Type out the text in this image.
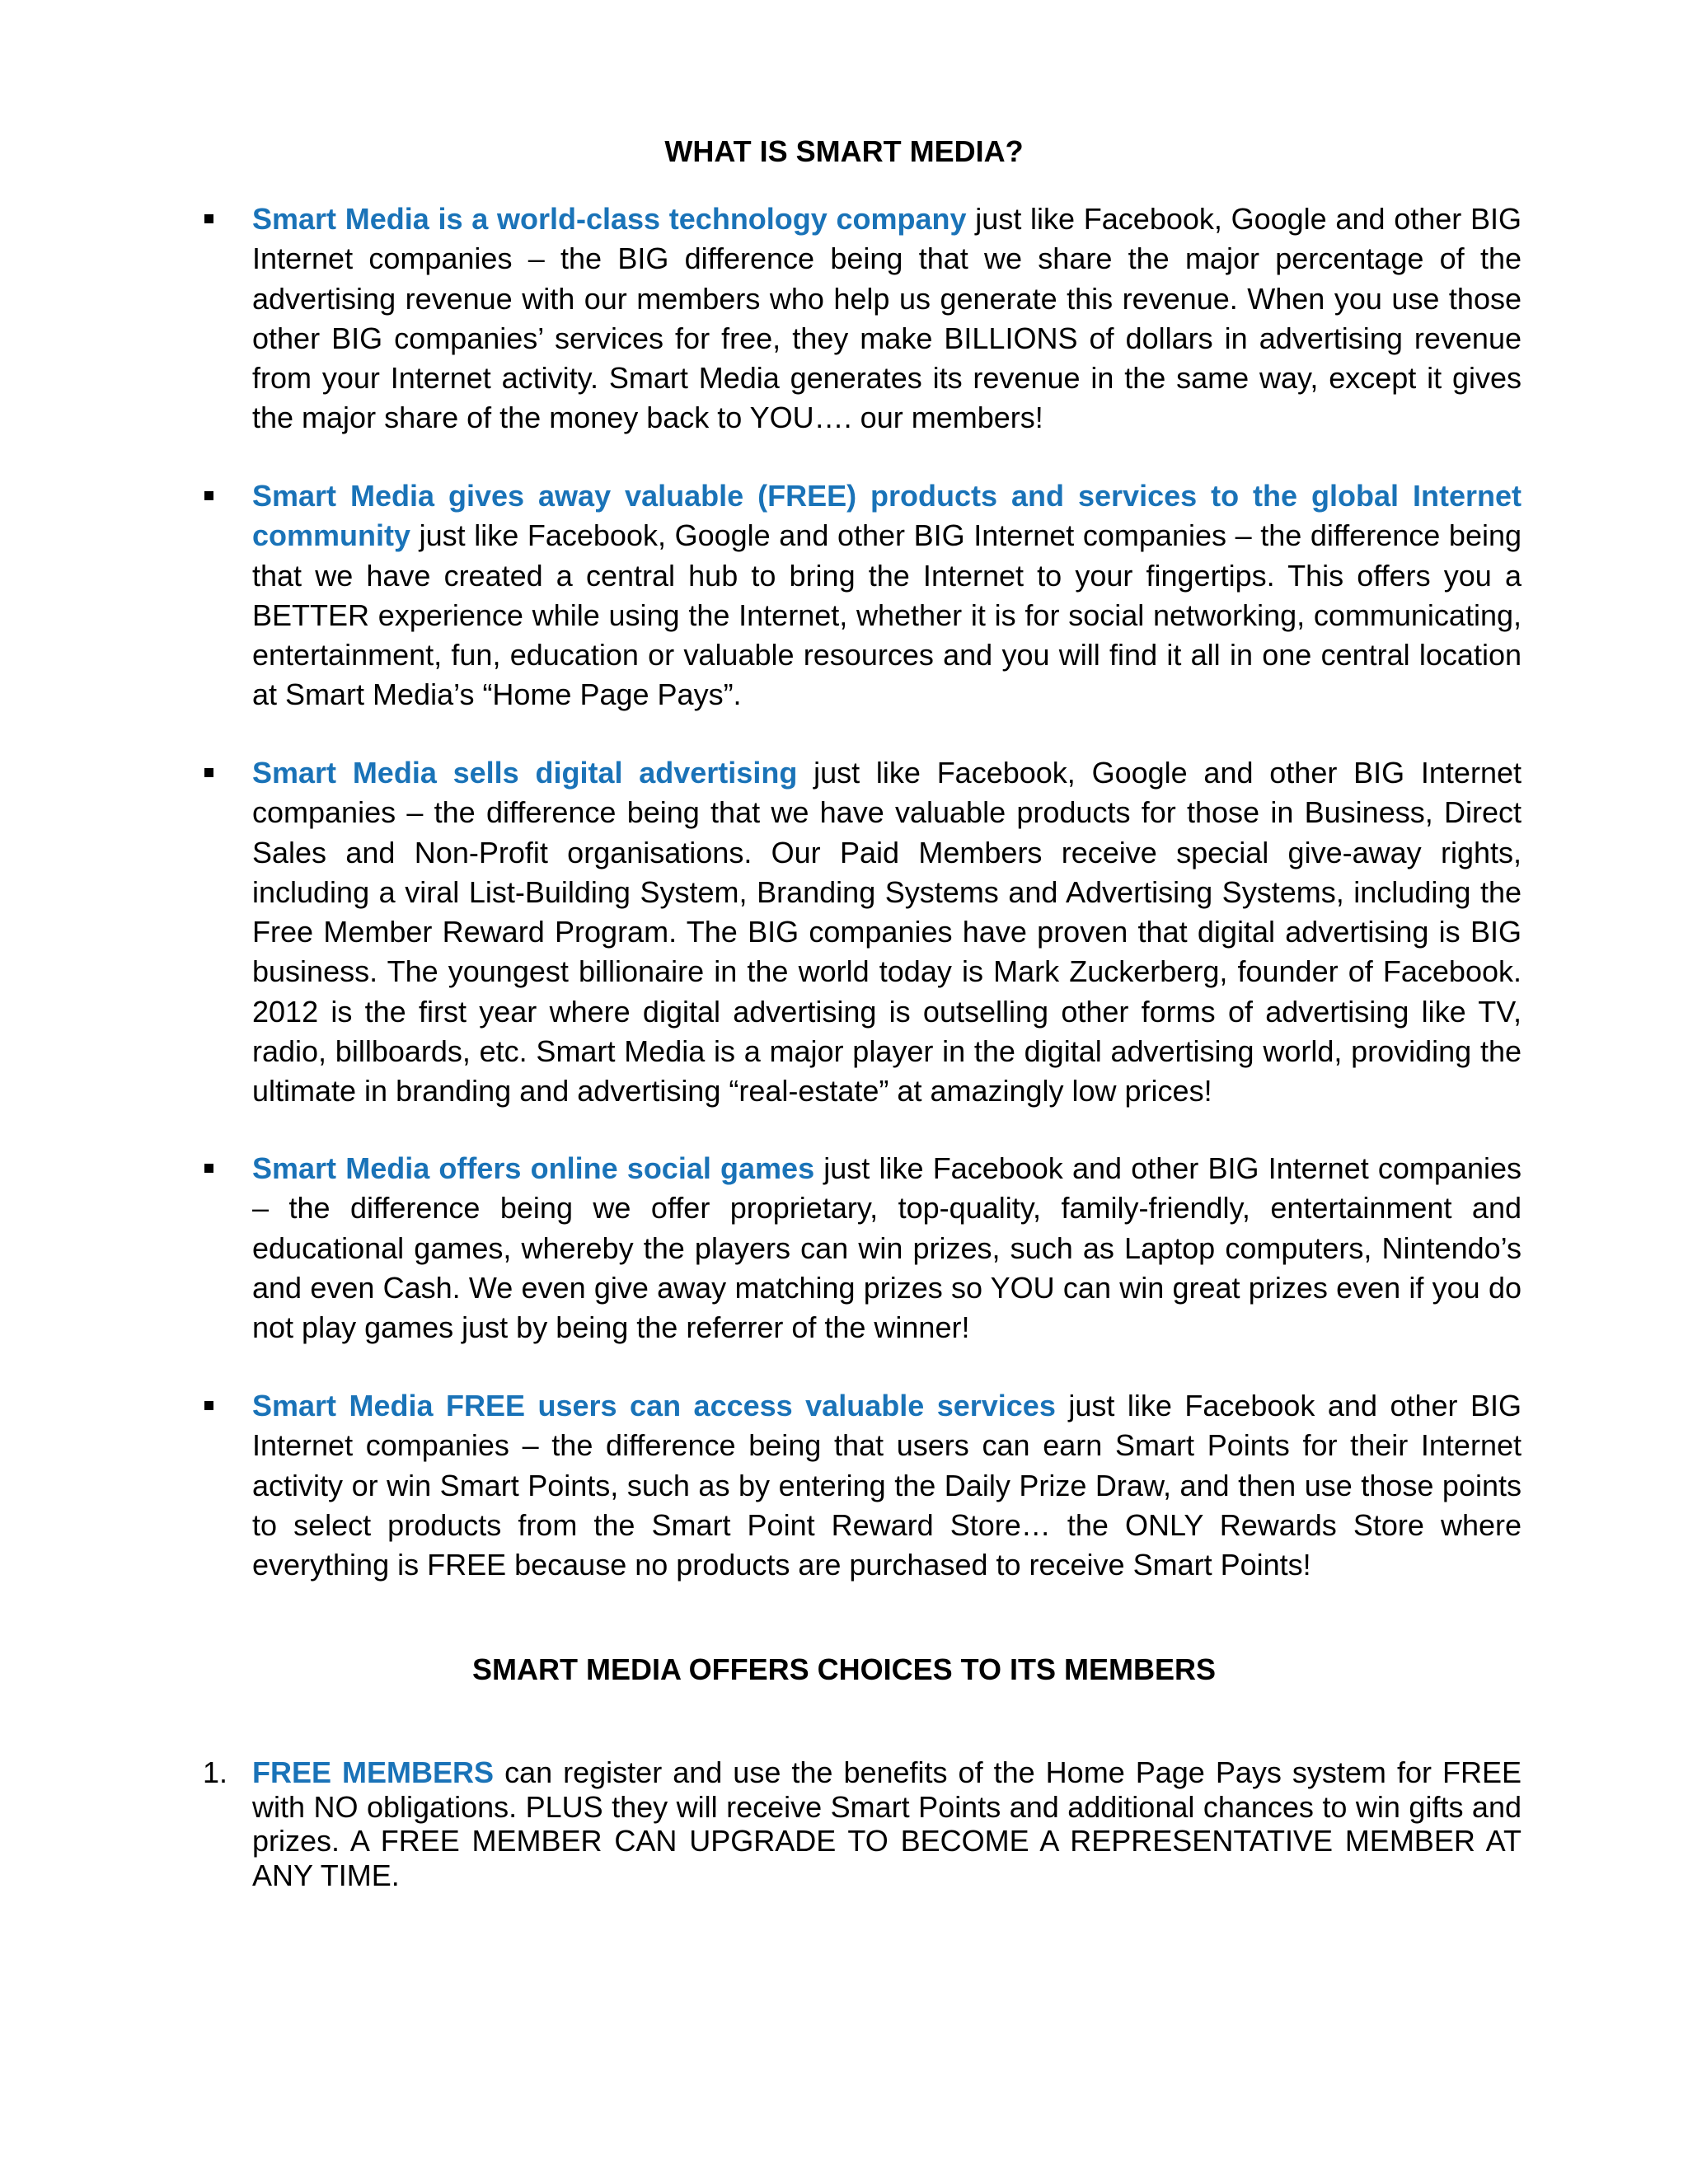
WHAT IS SMART MEDIA?
Smart Media is a world-class technology company just like Facebook, Google and other BIG Internet companies – the BIG difference being that we share the major percentage of the advertising revenue with our members who help us generate this revenue. When you use those other BIG companies’ services for free, they make BILLIONS of dollars in advertising revenue from your Internet activity. Smart Media generates its revenue in the same way, except it gives the major share of the money back to YOU…. our members!
Smart Media gives away valuable (FREE) products and services to the global Internet community just like Facebook, Google and other BIG Internet companies – the difference being that we have created a central hub to bring the Internet to your fingertips. This offers you a BETTER experience while using the Internet, whether it is for social networking, communicating, entertainment, fun, education or valuable resources and you will find it all in one central location at Smart Media’s “Home Page Pays”.
Smart Media sells digital advertising just like Facebook, Google and other BIG Internet companies – the difference being that we have valuable products for those in Business, Direct Sales and Non-Profit organisations. Our Paid Members receive special give-away rights, including a viral List-Building System, Branding Systems and Advertising Systems, including the Free Member Reward Program. The BIG companies have proven that digital advertising is BIG business. The youngest billionaire in the world today is Mark Zuckerberg, founder of Facebook. 2012 is the first year where digital advertising is outselling other forms of advertising like TV, radio, billboards, etc. Smart Media is a major player in the digital advertising world, providing the ultimate in branding and advertising “real-estate” at amazingly low prices!
Smart Media offers online social games just like Facebook and other BIG Internet companies – the difference being we offer proprietary, top-quality, family-friendly, entertainment and educational games, whereby the players can win prizes, such as Laptop computers, Nintendo’s and even Cash. We even give away matching prizes so YOU can win great prizes even if you do not play games just by being the referrer of the winner!
Smart Media FREE users can access valuable services just like Facebook and other BIG Internet companies – the difference being that users can earn Smart Points for their Internet activity or win Smart Points, such as by entering the Daily Prize Draw, and then use those points to select products from the Smart Point Reward Store… the ONLY Rewards Store where everything is FREE because no products are purchased to receive Smart Points!
SMART MEDIA OFFERS CHOICES TO ITS MEMBERS
1. FREE MEMBERS can register and use the benefits of the Home Page Pays system for FREE with NO obligations. PLUS they will receive Smart Points and additional chances to win gifts and prizes. A FREE MEMBER CAN UPGRADE TO BECOME A REPRESENTATIVE MEMBER AT ANY TIME.
